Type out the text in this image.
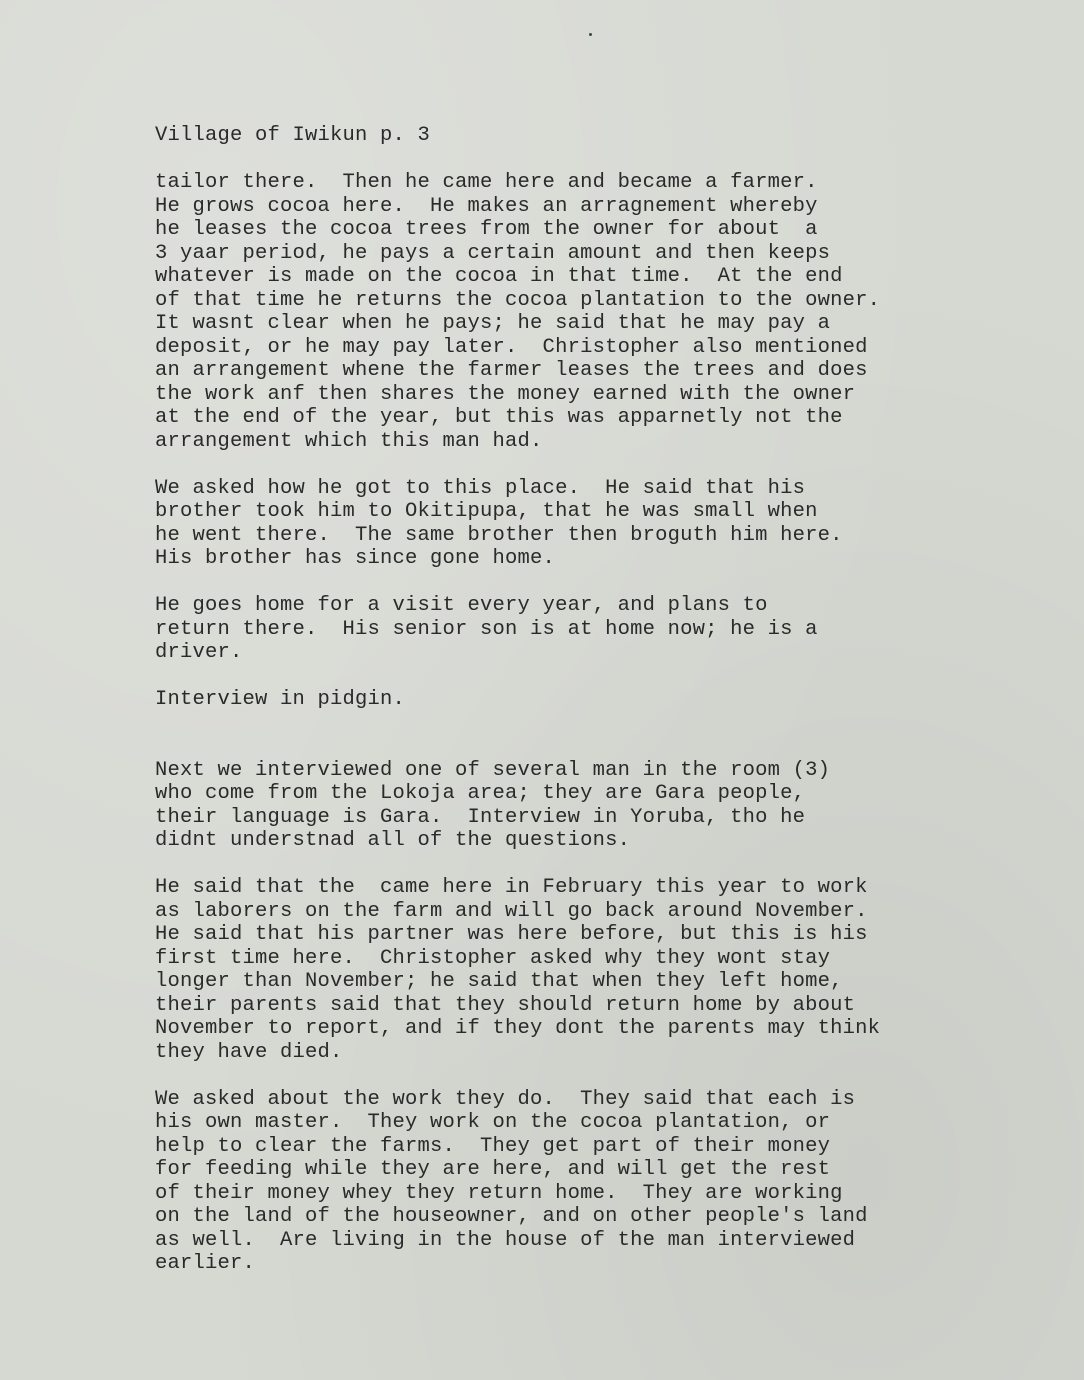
Village of Iwikun p. 3
tailor there.  Then he came here and became a farmer.
He grows cocoa here.  He makes an arragnement whereby
he leases the cocoa trees from the owner for about  a
3 yaar period, he pays a certain amount and then keeps
whatever is made on the cocoa in that time.  At the end
of that time he returns the cocoa plantation to the owner.
It wasnt clear when he pays; he said that he may pay a
deposit, or he may pay later.  Christopher also mentioned
an arrangement whene the farmer leases the trees and does
the work anf then shares the money earned with the owner
at the end of the year, but this was apparnetly not the
arrangement which this man had.
We asked how he got to this place.  He said that his
brother took him to Okitipupa, that he was small when
he went there.  The same brother then broguth him here.
His brother has since gone home.
He goes home for a visit every year, and plans to
return there.  His senior son is at home now; he is a
driver.
Interview in pidgin.
Next we interviewed one of several man in the room (3)
who come from the Lokoja area; they are Gara people,
their language is Gara.  Interview in Yoruba, tho he
didnt understnad all of the questions.
He said that the  came here in February this year to work
as laborers on the farm and will go back around November.
He said that his partner was here before, but this is his
first time here.  Christopher asked why they wont stay
longer than November; he said that when they left home,
their parents said that they should return home by about
November to report, and if they dont the parents may think
they have died.
We asked about the work they do.  They said that each is
his own master.  They work on the cocoa plantation, or
help to clear the farms.  They get part of their money
for feeding while they are here, and will get the rest
of their money whey they return home.  They are working
on the land of the houseowner, and on other people's land
as well.  Are living in the house of the man interviewed
earlier.
